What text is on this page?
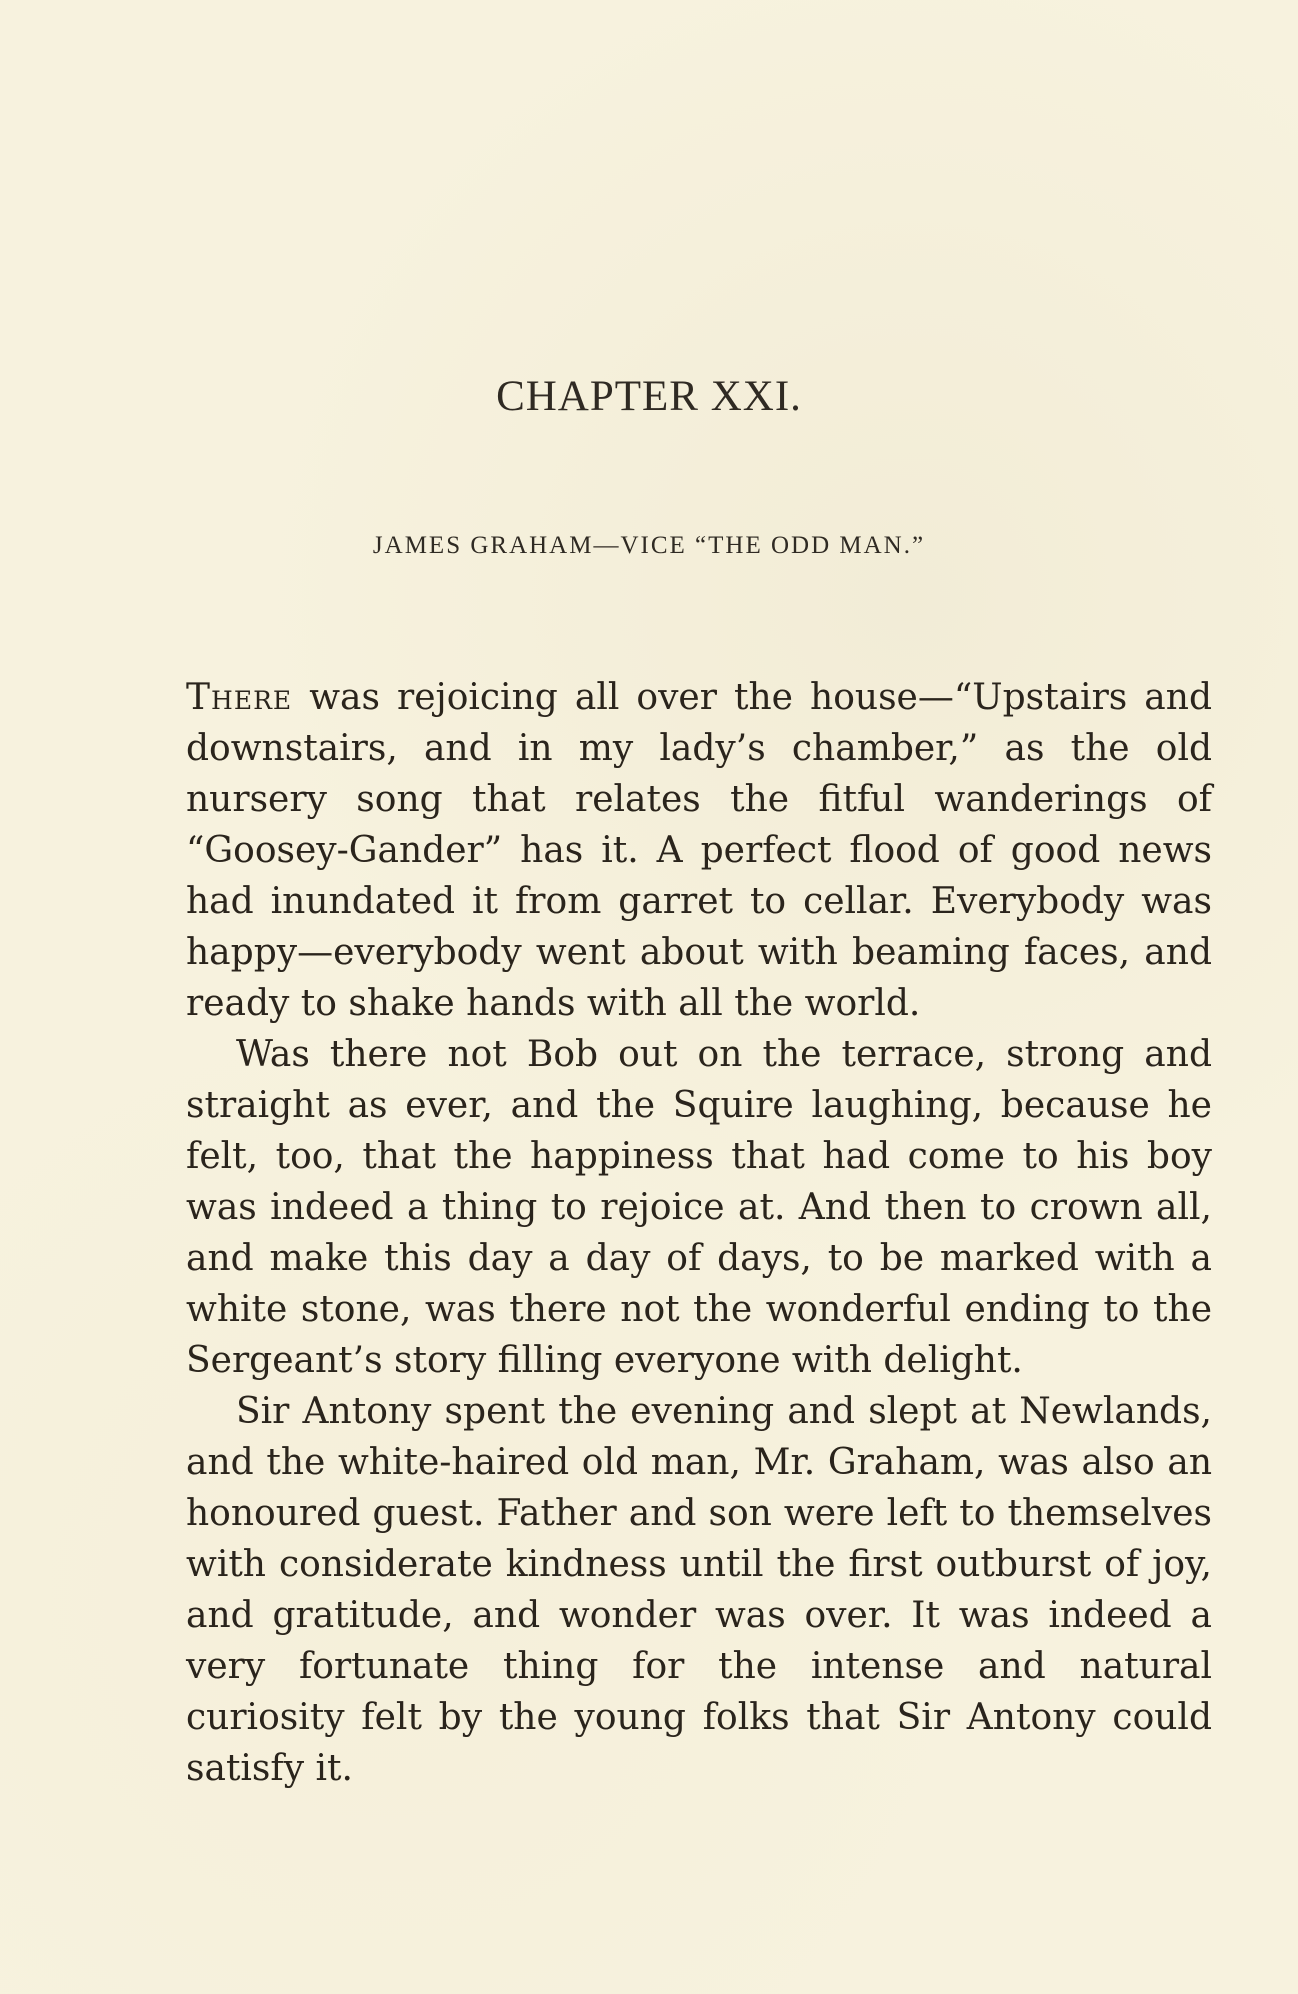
CHAPTER XXI.
JAMES GRAHAM—VICE “THE ODD MAN.”

There was rejoicing all over the house—“Upstairs and downstairs, and in my lady’s chamber,” as the old nursery song that relates the fitful wanderings of “Goosey-Gander” has it. A perfect flood of good news had inundated it from garret to cellar. Everybody was happy—everybody went about with beaming faces, and ready to shake hands with all the world.

Was there not Bob out on the terrace, strong and straight as ever, and the Squire laughing, because he felt, too, that the happiness that had come to his boy was indeed a thing to rejoice at. And then to crown all, and make this day a day of days, to be marked with a white stone, was there not the wonderful ending to the Sergeant’s story filling everyone with delight.

Sir Antony spent the evening and slept at Newlands, and the white-haired old man, Mr. Graham, was also an honoured guest. Father and son were left to themselves with considerate kindness until the first outburst of joy, and gratitude, and wonder was over. It was indeed a very fortunate thing for the intense and natural curiosity felt by the young folks that Sir Antony could satisfy it.
